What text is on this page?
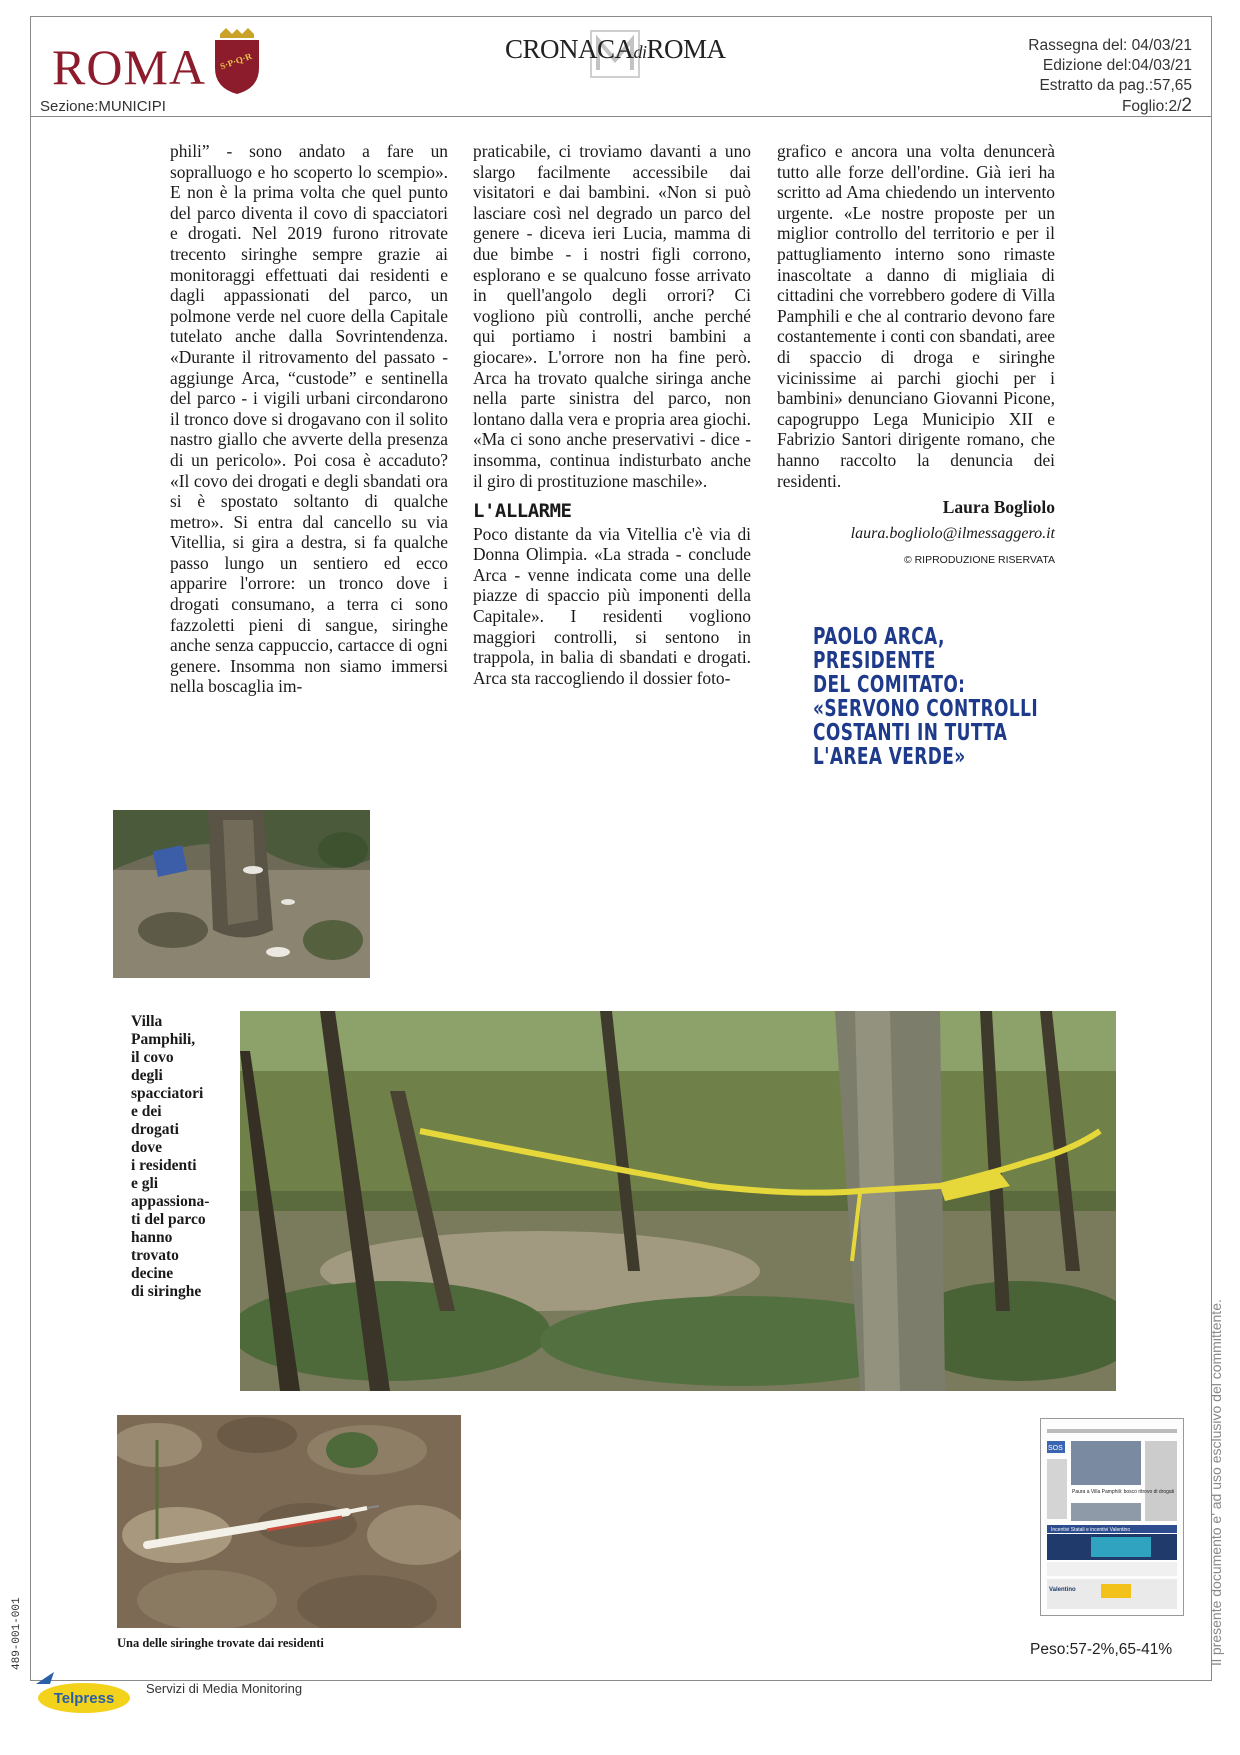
ROMA S·P·Q·R
Sezione:MUNICIPI
CRONACAdiROMA	Rassegna del: 04/03/21
Edizione del:04/03/21
Estratto da pag.:57,65
Foglio:2/2

phili” - sono andato a fare un sopralluogo e ho scoperto lo scempio». E non è la prima volta che quel punto del parco diventa il covo di spacciatori e drogati. Nel 2019 furono ritrovate trecento siringhe sempre grazie ai monitoraggi effettuati dai residenti e dagli appassionati del parco, un polmone verde nel cuore della Capitale tutelato anche dalla Sovrintendenza. «Durante il ritrovamento del passato - aggiunge Arca, “custode” e sentinella del parco - i vigili urbani circondarono il tronco dove si drogavano con il solito nastro giallo che avverte della presenza di un pericolo». Poi cosa è accaduto? «Il covo dei drogati e degli sbandati ora si è spostato soltanto di qualche metro». Si entra dal cancello su via Vitellia, si gira a destra, si fa qualche passo lungo un sentiero ed ecco apparire l'orrore: un tronco dove i drogati consumano, a terra ci sono fazzoletti pieni di sangue, siringhe anche senza cappuccio, cartacce di ogni genere. Insomma non siamo immersi nella boscaglia im-

praticabile, ci troviamo davanti a uno slargo facilmente accessibile dai visitatori e dai bambini. «Non si può lasciare così nel degrado un parco del genere - diceva ieri Lucia, mamma di due bimbe - i nostri figli corrono, esplorano e se qualcuno fosse arrivato in quell'angolo degli orrori? Ci vogliono più controlli, anche perché qui portiamo i nostri bambini a giocare». L'orrore non ha fine però. Arca ha trovato qualche siringa anche nella parte sinistra del parco, non lontano dalla vera e propria area giochi. «Ma ci sono anche preservativi - dice - insomma, continua indisturbato anche il giro di prostituzione maschile».

L'ALLARME

Poco distante da via Vitellia c'è via di Donna Olimpia. «La strada - conclude Arca - venne indicata come una delle piazze di spaccio più imponenti della Capitale». I residenti vogliono maggiori controlli, si sentono in trappola, in balia di sbandati e drogati. Arca sta raccogliendo il dossier foto-

grafico e ancora una volta denuncerà tutto alle forze dell'ordine. Già ieri ha scritto ad Ama chiedendo un intervento urgente. «Le nostre proposte per un miglior controllo del territorio e per il pattugliamento interno sono rimaste inascoltate a danno di migliaia di cittadini che vorrebbero godere di Villa Pamphili e che al contrario devono fare costantemente i conti con sbandati, aree di spaccio di droga e siringhe vicinissime ai parchi giochi per i bambini» denunciano Giovanni Picone, capogruppo Lega Municipio XII e Fabrizio Santori dirigente romano, che hanno raccolto la denuncia dei residenti.

Laura Bogliolo
laura.bogliolo@ilmessaggero.it
© RIPRODUZIONE RISERVATA
PAOLO ARCA,
PRESIDENTE
DEL COMITATO:
«SERVONO CONTROLLI
COSTANTI IN TUTTA
L'AREA VERDE»
Villa
Pamphili,
il covo
degli
spacciatori
e dei
drogati
dove
i residenti
e gli
appassiona-
ti del parco
hanno
trovato
decine
di siringhe
Una delle siringhe trovate dai residenti
SOS
Paura a Villa Pamphili: bosco ritrovo di drogati
Incentivi Statali e incentivi Valentino
Valentino
Peso:57-2%,65-41%	Il presente documento e' ad uso esclusivo del committente.
489-001-001
Telpress
Servizi di Media Monitoring
